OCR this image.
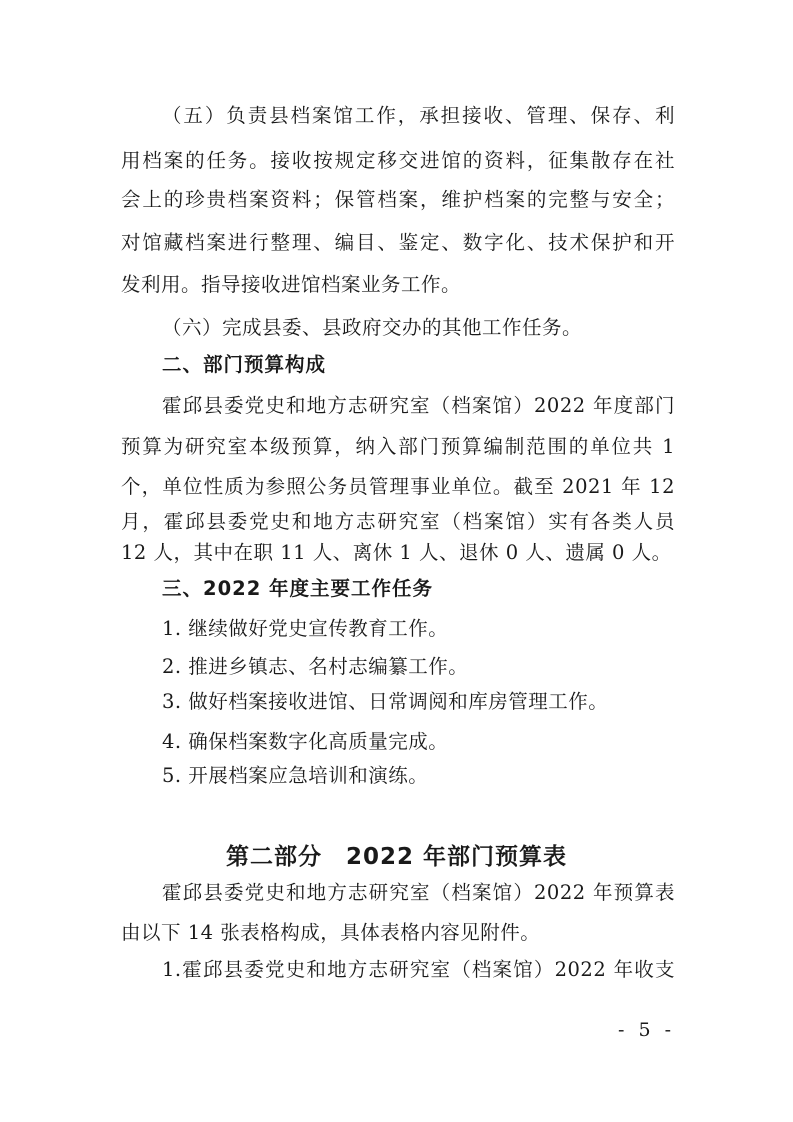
（五）负责县档案馆工作，承担接收、管理、保存、利
用档案的任务。接收按规定移交进馆的资料，征集散存在社
会上的珍贵档案资料；保管档案，维护档案的完整与安全；
对馆藏档案进行整理、编目、鉴定、数字化、技术保护和开
发利用。指导接收进馆档案业务工作。
（六）完成县委、县政府交办的其他工作任务。
二、部门预算构成
霍邱县委党史和地方志研究室（档案馆）2022 年度部门
预算为研究室本级预算，纳入部门预算编制范围的单位共 1
个，单位性质为参照公务员管理事业单位。截至 2021 年 12
月，霍邱县委党史和地方志研究室（档案馆）实有各类人员
12 人，其中在职 11 人、离休 1 人、退休 0 人、遗属 0 人。
三、2022 年度主要工作任务
1. 继续做好党史宣传教育工作。
2. 推进乡镇志、名村志编纂工作。
3. 做好档案接收进馆、日常调阅和库房管理工作。
4. 确保档案数字化高质量完成。
5. 开展档案应急培训和演练。
第二部分　2022 年部门预算表
霍邱县委党史和地方志研究室（档案馆）2022 年预算表
由以下 14 张表格构成，具体表格内容见附件。
1.霍邱县委党史和地方志研究室（档案馆）2022 年收支
- 5 -
